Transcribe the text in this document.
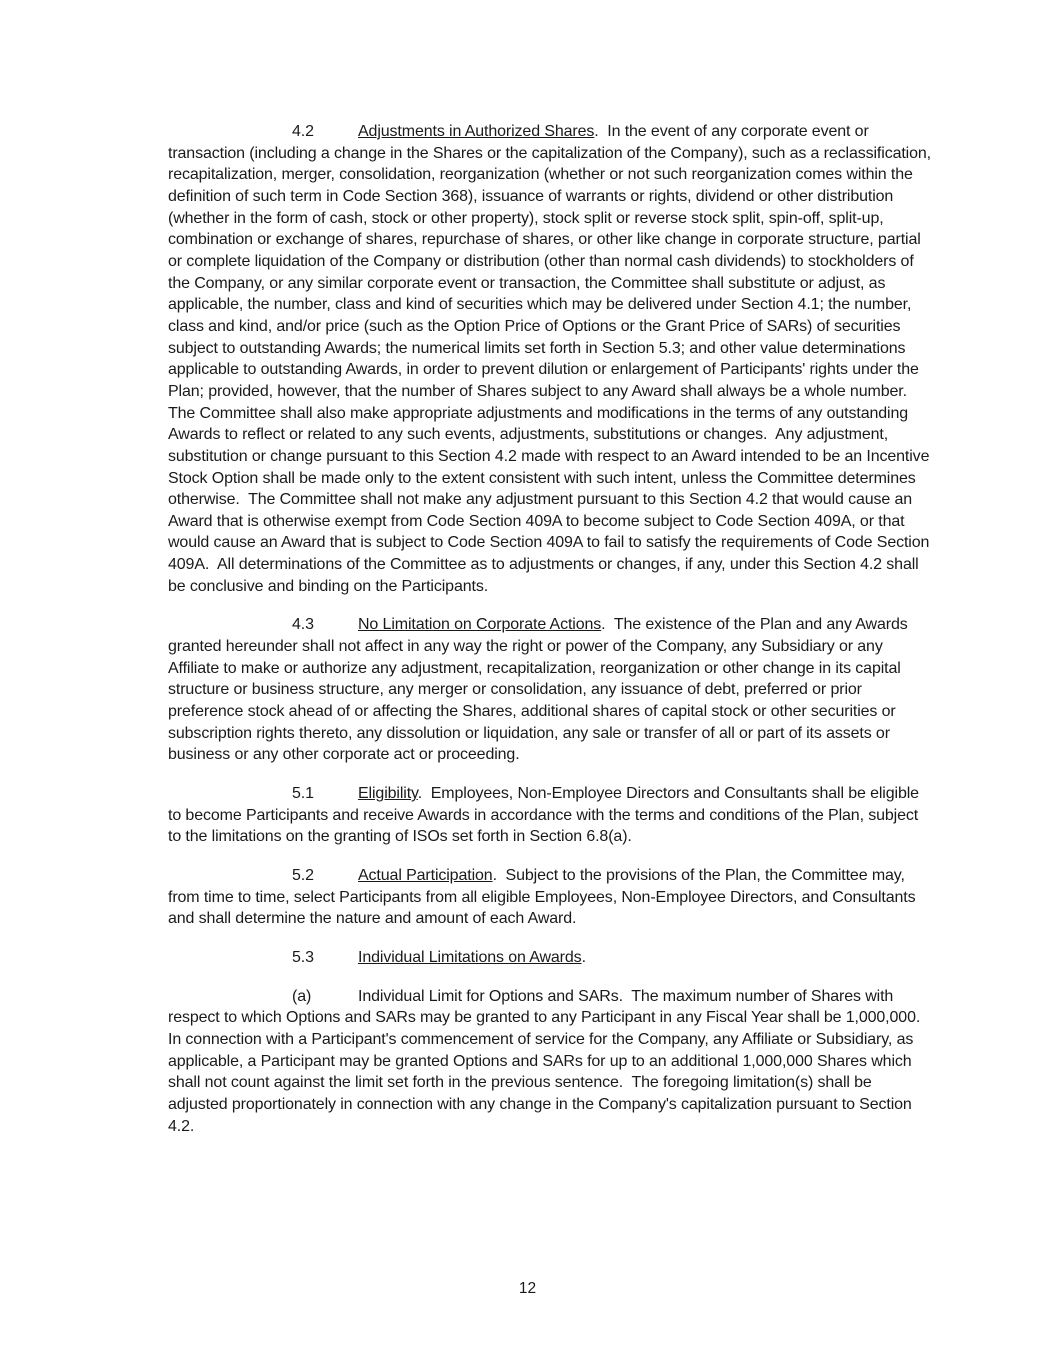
4.2	Adjustments in Authorized Shares.  In the event of any corporate event or transaction (including a change in the Shares or the capitalization of the Company), such as a reclassification, recapitalization, merger, consolidation, reorganization (whether or not such reorganization comes within the definition of such term in Code Section 368), issuance of warrants or rights, dividend or other distribution (whether in the form of cash, stock or other property), stock split or reverse stock split, spin-off, split-up, combination or exchange of shares, repurchase of shares, or other like change in corporate structure, partial or complete liquidation of the Company or distribution (other than normal cash dividends) to stockholders of the Company, or any similar corporate event or transaction, the Committee shall substitute or adjust, as applicable, the number, class and kind of securities which may be delivered under Section 4.1; the number, class and kind, and/or price (such as the Option Price of Options or the Grant Price of SARs) of securities subject to outstanding Awards; the numerical limits set forth in Section 5.3; and other value determinations applicable to outstanding Awards, in order to prevent dilution or enlargement of Participants' rights under the Plan; provided, however, that the number of Shares subject to any Award shall always be a whole number.  The Committee shall also make appropriate adjustments and modifications in the terms of any outstanding Awards to reflect or related to any such events, adjustments, substitutions or changes.  Any adjustment, substitution or change pursuant to this Section 4.2 made with respect to an Award intended to be an Incentive Stock Option shall be made only to the extent consistent with such intent, unless the Committee determines otherwise.  The Committee shall not make any adjustment pursuant to this Section 4.2 that would cause an Award that is otherwise exempt from Code Section 409A to become subject to Code Section 409A, or that would cause an Award that is subject to Code Section 409A to fail to satisfy the requirements of Code Section 409A.  All determinations of the Committee as to adjustments or changes, if any, under this Section 4.2 shall be conclusive and binding on the Participants.

4.3	No Limitation on Corporate Actions.  The existence of the Plan and any Awards granted hereunder shall not affect in any way the right or power of the Company, any Subsidiary or any Affiliate to make or authorize any adjustment, recapitalization, reorganization or other change in its capital structure or business structure, any merger or consolidation, any issuance of debt, preferred or prior preference stock ahead of or affecting the Shares, additional shares of capital stock or other securities or subscription rights thereto, any dissolution or liquidation, any sale or transfer of all or part of its assets or business or any other corporate act or proceeding.

5.1	Eligibility.  Employees, Non-Employee Directors and Consultants shall be eligible to become Participants and receive Awards in accordance with the terms and conditions of the Plan, subject to the limitations on the granting of ISOs set forth in Section 6.8(a).

5.2	Actual Participation.  Subject to the provisions of the Plan, the Committee may, from time to time, select Participants from all eligible Employees, Non-Employee Directors, and Consultants and shall determine the nature and amount of each Award.

5.3	Individual Limitations on Awards.

(a)	Individual Limit for Options and SARs.  The maximum number of Shares with respect to which Options and SARs may be granted to any Participant in any Fiscal Year shall be 1,000,000.  In connection with a Participant's commencement of service for the Company, any Affiliate or Subsidiary, as applicable, a Participant may be granted Options and SARs for up to an additional 1,000,000 Shares which shall not count against the limit set forth in the previous sentence.  The foregoing limitation(s) shall be adjusted proportionately in connection with any change in the Company's capitalization pursuant to Section 4.2.

12
